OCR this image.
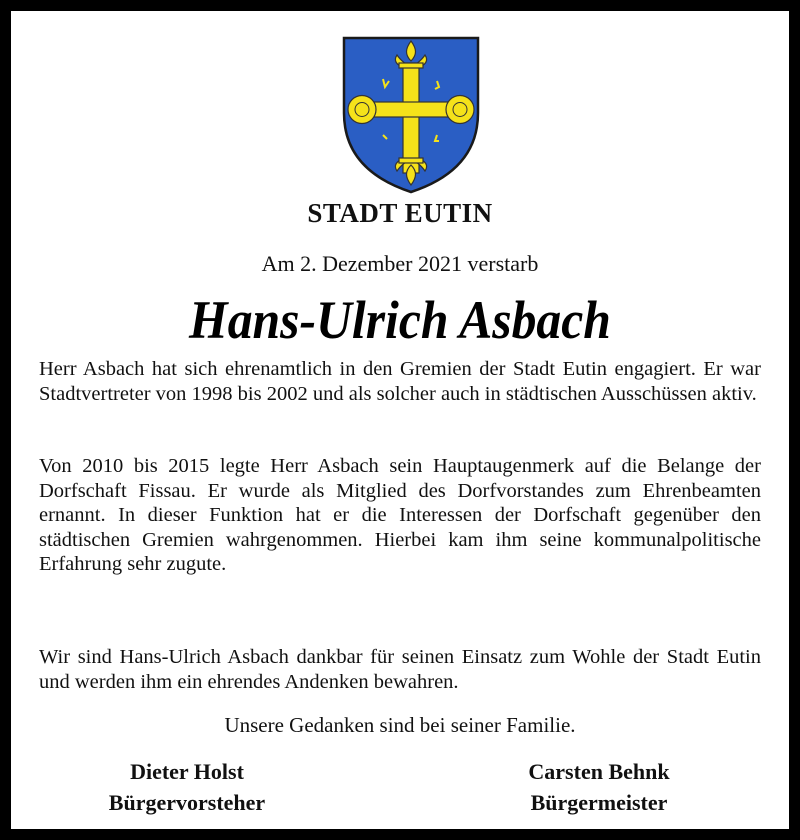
STADT EUTIN
Am 2. Dezember 2021 verstarb
Hans-Ulrich Asbach
Herr Asbach hat sich ehrenamtlich in den Gremien der Stadt Eutin engagiert. Er war Stadtvertreter von 1998 bis 2002 und als solcher auch in städtischen Ausschüssen aktiv.
Von 2010 bis 2015 legte Herr Asbach sein Hauptaugenmerk auf die Belange der Dorfschaft Fissau. Er wurde als Mitglied des Dorfvorstandes zum Ehrenbeamten ernannt. In dieser Funktion hat er die Interessen der Dorfschaft gegenüber den städtischen Gremien wahrgenommen. Hierbei kam ihm seine kommunalpolitische Erfahrung sehr zugute.
Wir sind Hans-Ulrich Asbach dankbar für seinen Einsatz zum Wohle der Stadt Eutin und werden ihm ein ehrendes Andenken bewahren.
Unsere Gedanken sind bei seiner Familie.
Dieter Holst
Bürgervorsteher
Carsten Behnk
Bürgermeister
